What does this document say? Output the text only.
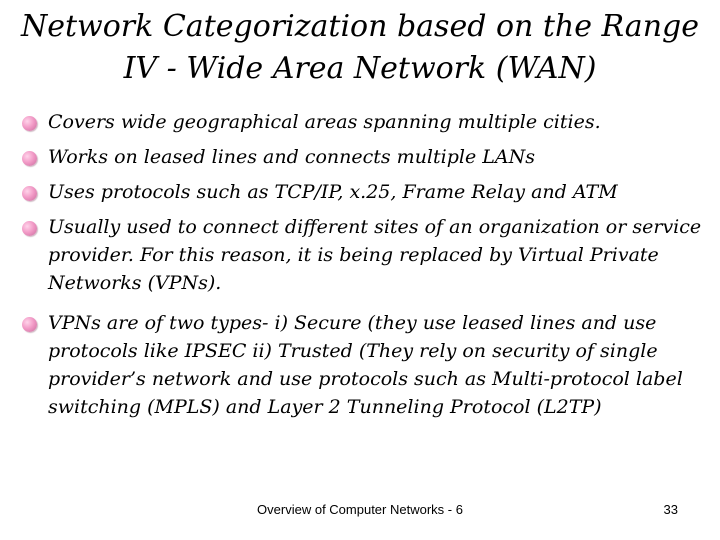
Network Categorization based on the Range
IV - Wide Area Network (WAN)
Covers wide geographical areas spanning multiple cities.
Works on leased lines and connects multiple LANs
Uses protocols such as TCP/IP, x.25, Frame Relay and ATM
Usually used to connect different sites of an organization or service provider. For this reason, it is being replaced by Virtual Private Networks (VPNs).
VPNs are of two types- i) Secure (they use leased lines and use protocols like IPSEC ii) Trusted (They rely on security of single provider’s network and use protocols such as Multi-protocol label switching (MPLS) and Layer 2 Tunneling Protocol (L2TP)
Overview of Computer Networks - 6	33
